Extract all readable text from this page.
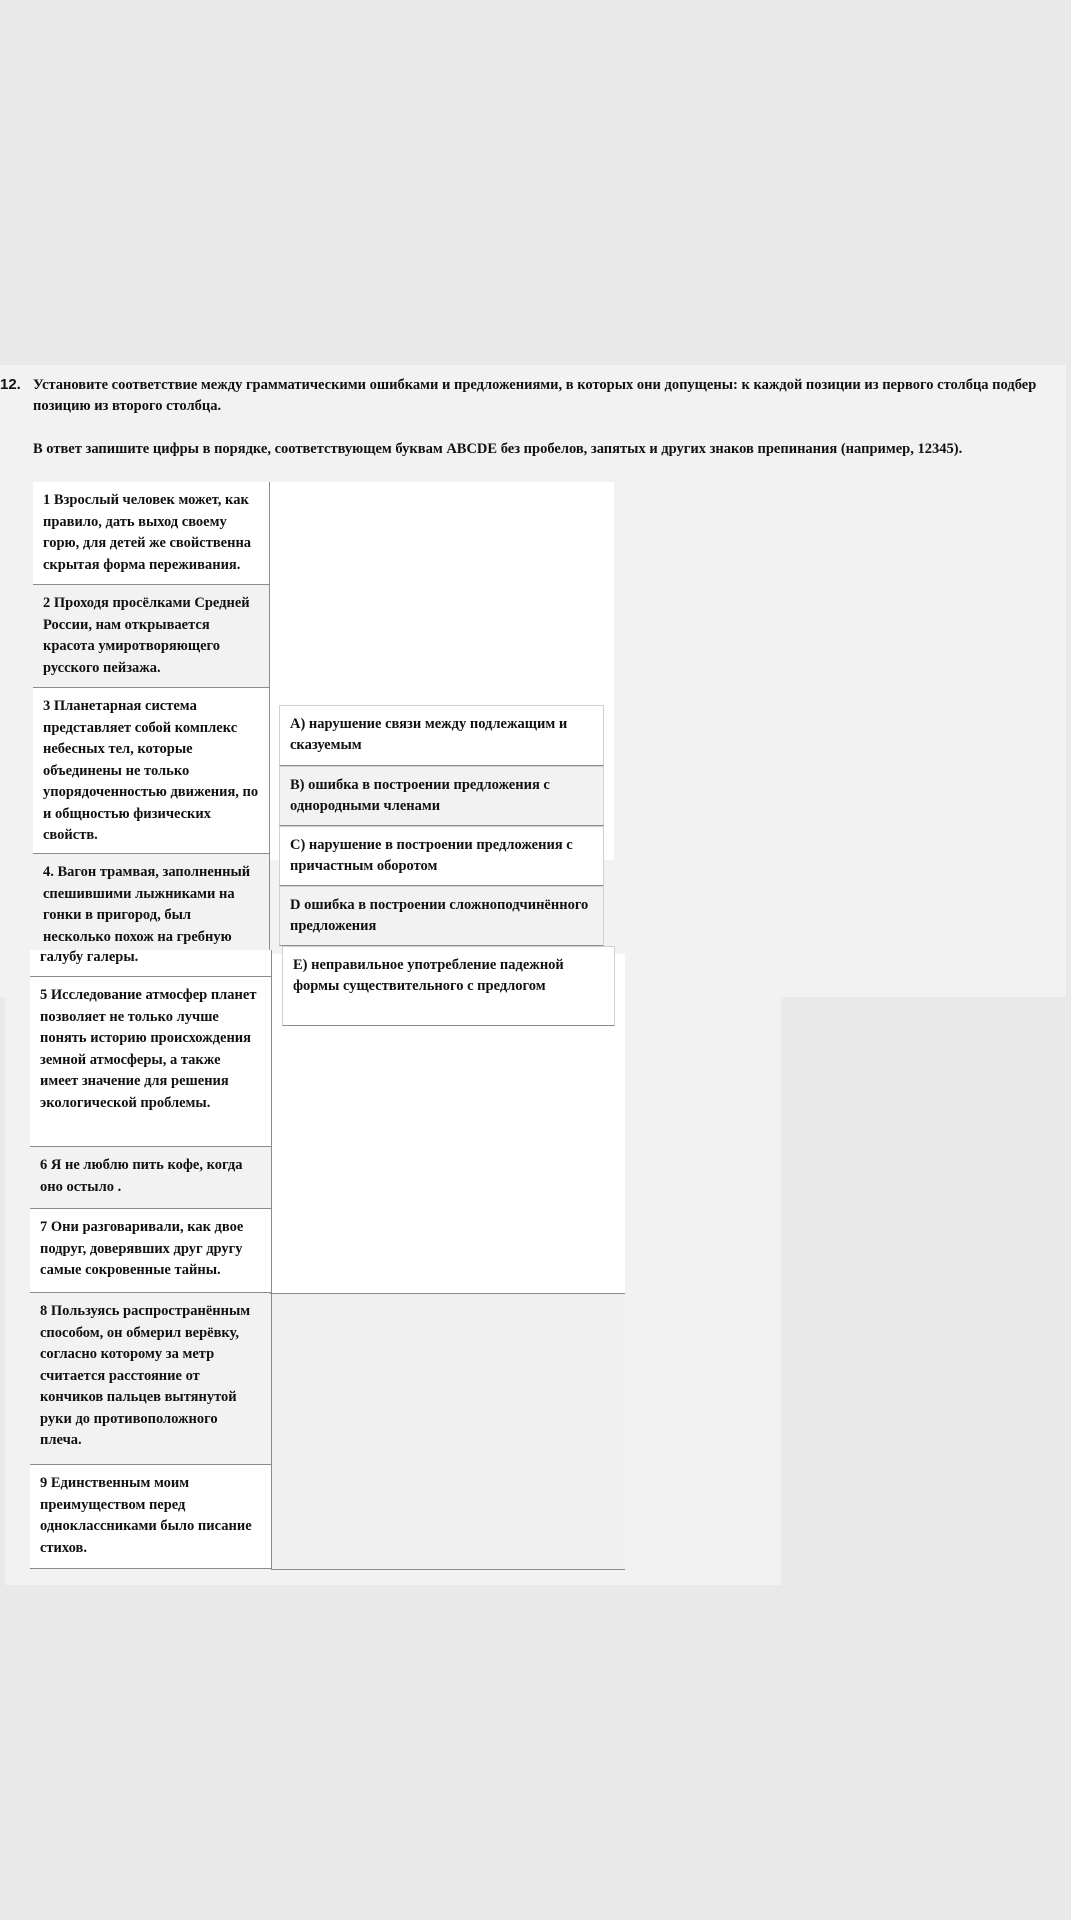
12. Установите соответствие между грамматическими ошибками и предложениями, в которых они допущены: к каждой позиции из первого столбца подбер
позицию из второго столбца.
В ответ запишите цифры в порядке, соответствующем буквам ABCDE без пробелов, запятых и других знаков препинания (например, 12345).
1 Взрослый человек может, как правило, дать выход своему горю, для детей же свойственна скрытая форма переживания.
2 Проходя просёлками Средней России, нам открывается красота умиротворяющего русского пейзажа.
3 Планетарная система представляет собой комплекс небесных тел, которые объединены не только упорядоченностью движения, по и общностью физических свойств.
4. Вагон трамвая, заполненный спешившими лыжниками на гонки в пригород, был несколько похож на гребную
A) нарушение связи между подлежащим и сказуемым
B) ошибка в построении предложения с однородными членами
C) нарушение в построении предложения с причастным оборотом
D ошибка в построении сложноподчинённого предложения
E) неправильное употребление падежной формы существительного с предлогом
галубу галеры.
5 Исследование атмосфер планет позволяет не только лучше понять историю происхождения земной атмосферы, а также имеет значение для решения экологической проблемы.
6 Я не люблю пить кофе, когда оно остыло .
7 Они разговаривали, как двое подруг, доверявших друг другу самые сокровенные тайны.
8 Пользуясь распространённым способом, он обмерил верёвку, согласно которому за метр считается расстояние от кончиков пальцев вытянутой руки до противоположного плеча.
9 Единственным моим преимуществом перед одноклассниками было писание стихов.
